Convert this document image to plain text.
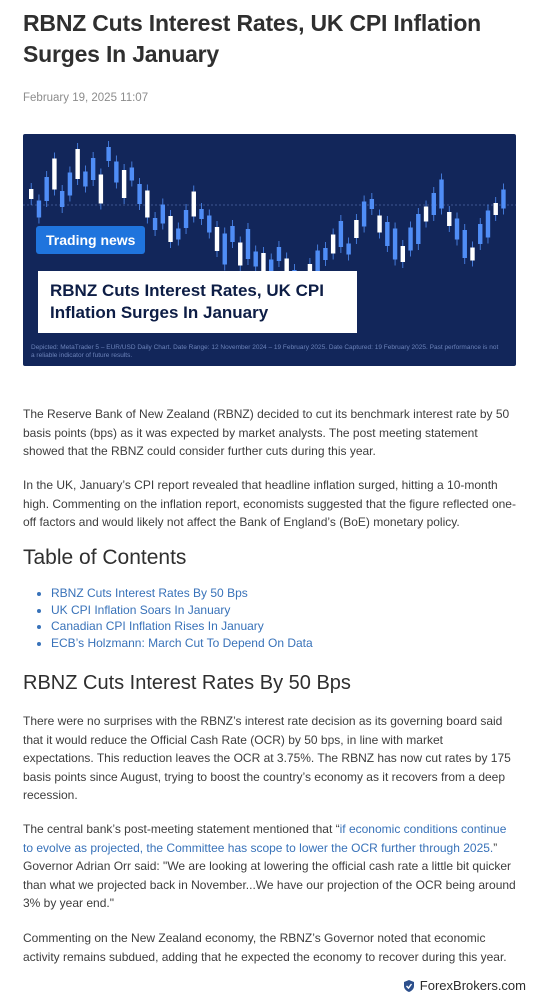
RBNZ Cuts Interest Rates, UK CPI Inflation Surges In January
February 19, 2025 11:07
Trading news
RBNZ Cuts Interest Rates, UK CPI Inflation Surges In January
Depicted: MetaTrader 5 – EUR/USD Daily Chart. Date Range: 12 November 2024 – 19 February 2025. Date Captured: 19 February 2025. Past performance is not a reliable indicator of future results.

The Reserve Bank of New Zealand (RBNZ) decided to cut its benchmark interest rate by 50 basis points (bps) as it was expected by market analysts. The post meeting statement showed that the RBNZ could consider further cuts during this year.

In the UK, January’s CPI report revealed that headline inflation surged, hitting a 10-month high. Commenting on the inflation report, economists suggested that the figure reflected one-off factors and would likely not affect the Bank of England’s (BoE) monetary policy.

Table of Contents
• RBNZ Cuts Interest Rates By 50 Bps
• UK CPI Inflation Soars In January
• Canadian CPI Inflation Rises In January
• ECB’s Holzmann: March Cut To Depend On Data
RBNZ Cuts Interest Rates By 50 Bps

There were no surprises with the RBNZ’s interest rate decision as its governing board said that it would reduce the Official Cash Rate (OCR) by 50 bps, in line with market expectations. This reduction leaves the OCR at 3.75%. The RBNZ has now cut rates by 175 basis points since August, trying to boost the country’s economy as it recovers from a deep recession.

The central bank’s post-meeting statement mentioned that “if economic conditions continue to evolve as projected, the Committee has scope to lower the OCR further through 2025.” Governor Adrian Orr said: "We are looking at lowering the official cash rate a little bit quicker than what we projected back in November...We have our projection of the OCR being around 3% by year end."

Commenting on the New Zealand economy, the RBNZ’s Governor noted that economic activity remains subdued, adding that he expected the economy to recover during this year.

ForexBrokers.com
